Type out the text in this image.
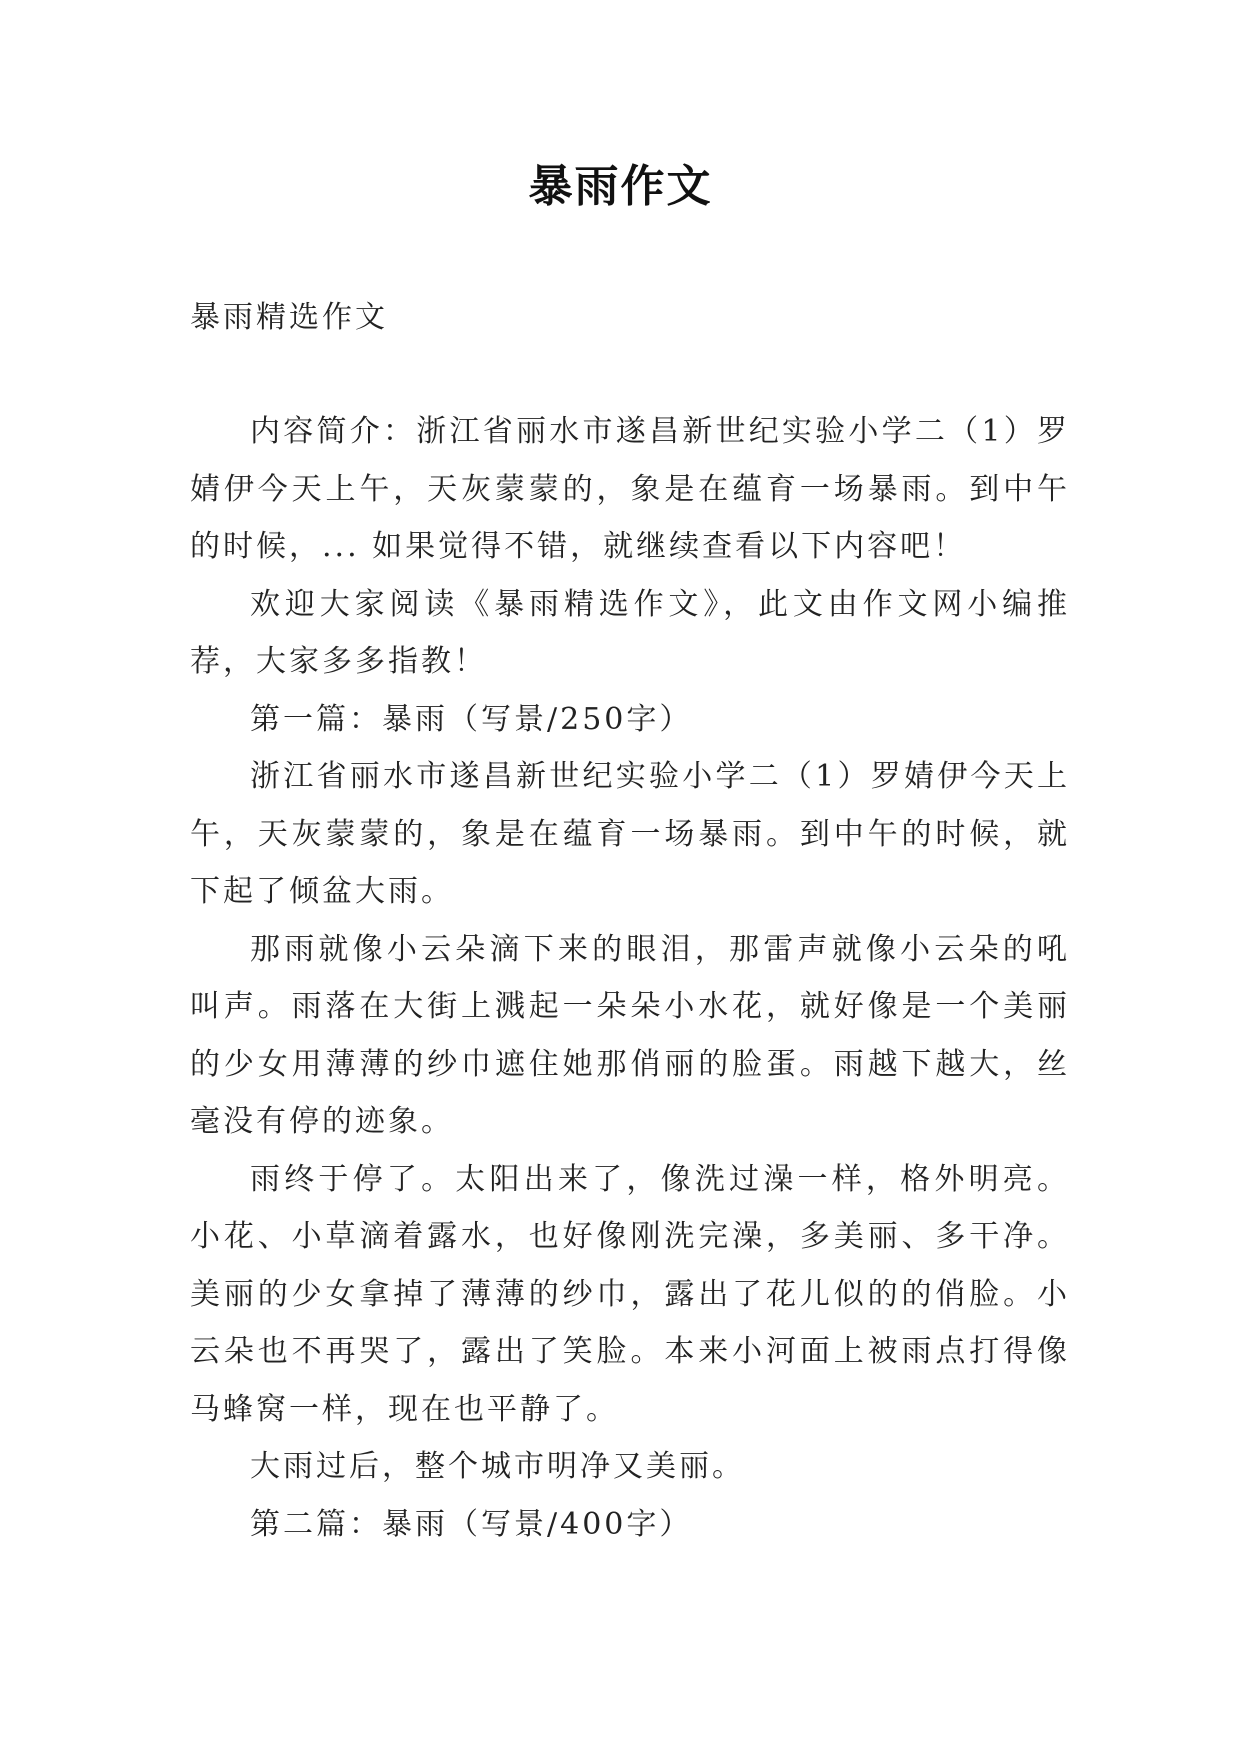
暴雨作文
暴雨精选作文

内容简介：浙江省丽水市遂昌新世纪实验小学二（1）罗婧伊今天上午，天灰蒙蒙的，象是在蕴育一场暴雨。到中午的时候，... 如果觉得不错，就继续查看以下内容吧！

欢迎大家阅读《暴雨精选作文》，此文由作文网小编推荐，大家多多指教！

第一篇：暴雨（写景/250字）

浙江省丽水市遂昌新世纪实验小学二（1）罗婧伊今天上午，天灰蒙蒙的，象是在蕴育一场暴雨。到中午的时候，就下起了倾盆大雨。

那雨就像小云朵滴下来的眼泪，那雷声就像小云朵的吼叫声。雨落在大街上溅起一朵朵小水花，就好像是一个美丽的少女用薄薄的纱巾遮住她那俏丽的脸蛋。雨越下越大，丝毫没有停的迹象。

雨终于停了。太阳出来了，像洗过澡一样，格外明亮。小花、小草滴着露水，也好像刚洗完澡，多美丽、多干净。美丽的少女拿掉了薄薄的纱巾，露出了花儿似的的俏脸。小云朵也不再哭了，露出了笑脸。本来小河面上被雨点打得像马蜂窝一样，现在也平静了。

大雨过后，整个城市明净又美丽。

第二篇：暴雨（写景/400字）
